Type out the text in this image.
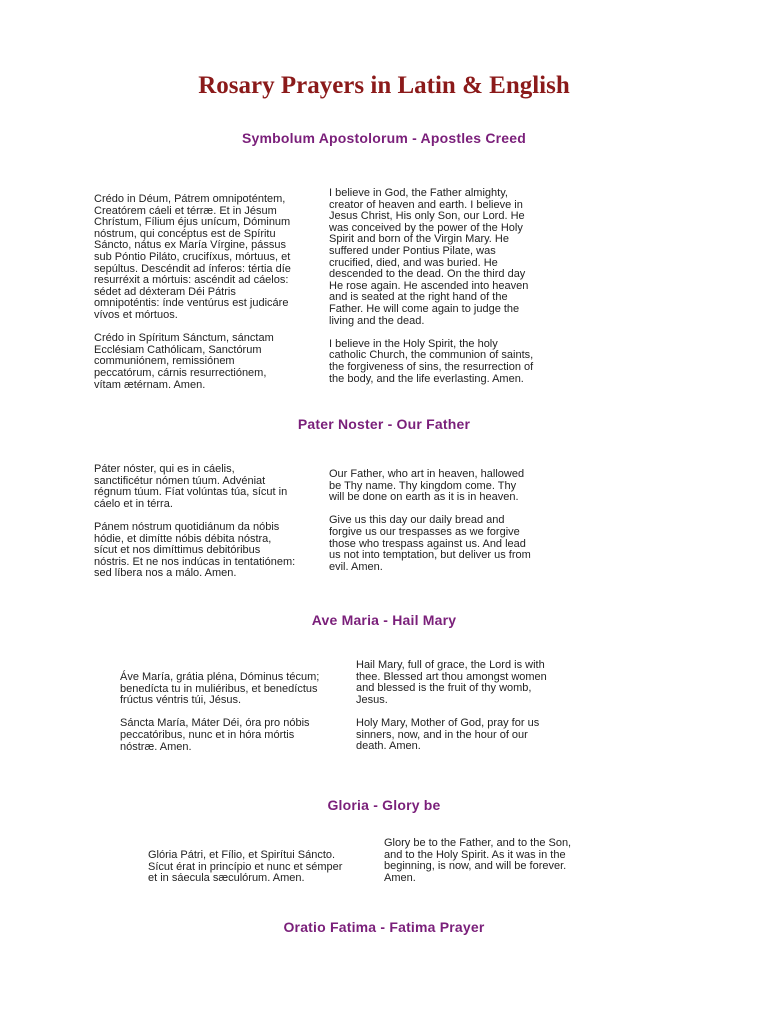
Rosary Prayers in Latin & English
Symbolum Apostolorum - Apostles Creed

Crédo in Déum, Pátrem omnipoténtem,
Creatórem cáeli et térræ. Et in Jésum
Chrístum, Fílium éjus unícum, Dóminum
nóstrum, qui concéptus est de Spíritu
Sáncto, nátus ex María Vírgine, pássus
sub Póntio Piláto, crucifíxus, mórtuus, et
sepúltus. Descéndit ad ínferos: tértia díe
resurréxit a mórtuis: ascéndit ad cáelos:
sédet ad déxteram Déi Pátris
omnipoténtis: índe ventúrus est judicáre
vívos et mórtuos.

Crédo in Spíritum Sánctum, sánctam
Ecclésiam Cathólicam, Sanctórum
communiónem, remissiónem
peccatórum, cárnis resurrectiónem,
vítam ætérnam. Amen.

I believe in God, the Father almighty,
creator of heaven and earth. I believe in
Jesus Christ, His only Son, our Lord. He
was conceived by the power of the Holy
Spirit and born of the Virgin Mary. He
suffered under Pontius Pilate, was
crucified, died, and was buried. He
descended to the dead. On the third day
He rose again. He ascended into heaven
and is seated at the right hand of the
Father. He will come again to judge the
living and the dead.

I believe in the Holy Spirit, the holy
catholic Church, the communion of saints,
the forgiveness of sins, the resurrection of
the body, and the life everlasting. Amen.

Pater Noster - Our Father

Páter nóster, qui es in cáelis,
sanctificétur nómen túum. Advéniat
régnum túum. Fíat volúntas túa, sícut in
cáelo et in térra.

Pánem nóstrum quotidiánum da nóbis
hódie, et dimítte nóbis débita nóstra,
sícut et nos dimíttimus debitóribus
nóstris. Et ne nos indúcas in tentatiónem:
sed líbera nos a málo. Amen.

Our Father, who art in heaven, hallowed
be Thy name. Thy kingdom come. Thy
will be done on earth as it is in heaven.

Give us this day our daily bread and
forgive us our trespasses as we forgive
those who trespass against us. And lead
us not into temptation, but deliver us from
evil. Amen.

Ave Maria - Hail Mary

Áve María, grátia pléna, Dóminus técum;
benedícta tu in muliéribus, et benedíctus
frúctus véntris túi, Jésus.

Sáncta María, Máter Déi, óra pro nóbis
peccatóribus, nunc et in hóra mórtis
nóstræ. Amen.

Hail Mary, full of grace, the Lord is with
thee. Blessed art thou amongst women
and blessed is the fruit of thy womb,
Jesus.

Holy Mary, Mother of God, pray for us
sinners, now, and in the hour of our
death. Amen.

Gloria - Glory be

Glória Pátri, et Fílio, et Spirítui Sáncto.
Sícut érat in princípio et nunc et sémper
et in sáecula sæculórum. Amen.

Glory be to the Father, and to the Son,
and to the Holy Spirit. As it was in the
beginning, is now, and will be forever.
Amen.

Oratio Fatima - Fatima Prayer
